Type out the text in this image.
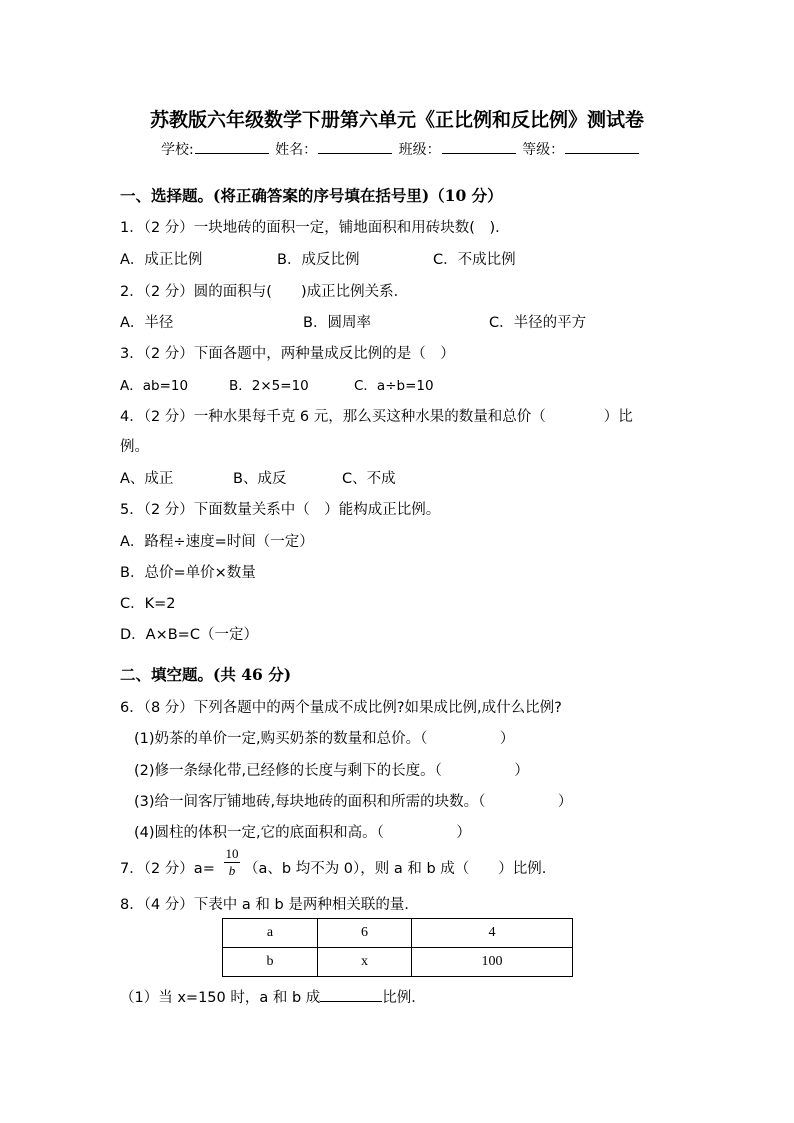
苏教版六年级数学下册第六单元《正比例和反比例》测试卷
学校:	姓名：	班级：	等级：
一、选择题。(将正确答案的序号填在括号里)（10 分）
1．（2 分）一块地砖的面积一定，铺地面积和用砖块数(　).
A．成正比例	B．成反比例	C．不成比例
2．（2 分）圆的面积与(　　)成正比例关系．
A．半径	B．圆周率	C．半径的平方
3．（2 分）下面各题中，两种量成反比例的是（　）
A．ab=10	B．2×5=10	C．a÷b=10
4．（2 分）一种水果每千克 6 元，那么买这种水果的数量和总价（　　　　）比
例。
A、成正	B、成反	C、不成
5．（2 分）下面数量关系中（　）能构成正比例。
A．路程÷速度=时间（一定）
B．总价=单价×数量
C．K=2
D．A×B=C（一定）
二、填空题。(共 46 分)
6．（8 分）下列各题中的两个量成不成比例?如果成比例,成什么比例?
(1)奶茶的单价一定,购买奶茶的数量和总价。（　　　　　）
(2)修一条绿化带,已经修的长度与剩下的长度。（　　　　　）
(3)给一间客厅铺地砖,每块地砖的面积和所需的块数。（　　　　　）
(4)圆柱的体积一定,它的底面积和高。（　　　　　）
7．（2 分）$a= \frac{10}{b} (a$、b 均不为 0），则 a 和 b 成（　　）比例.
8．（4 分）下表中 a 和 b 是两种相关联的量．
a	6	4
b	x	100
（1）当 x=150 时，a 和 b 成	比例．
